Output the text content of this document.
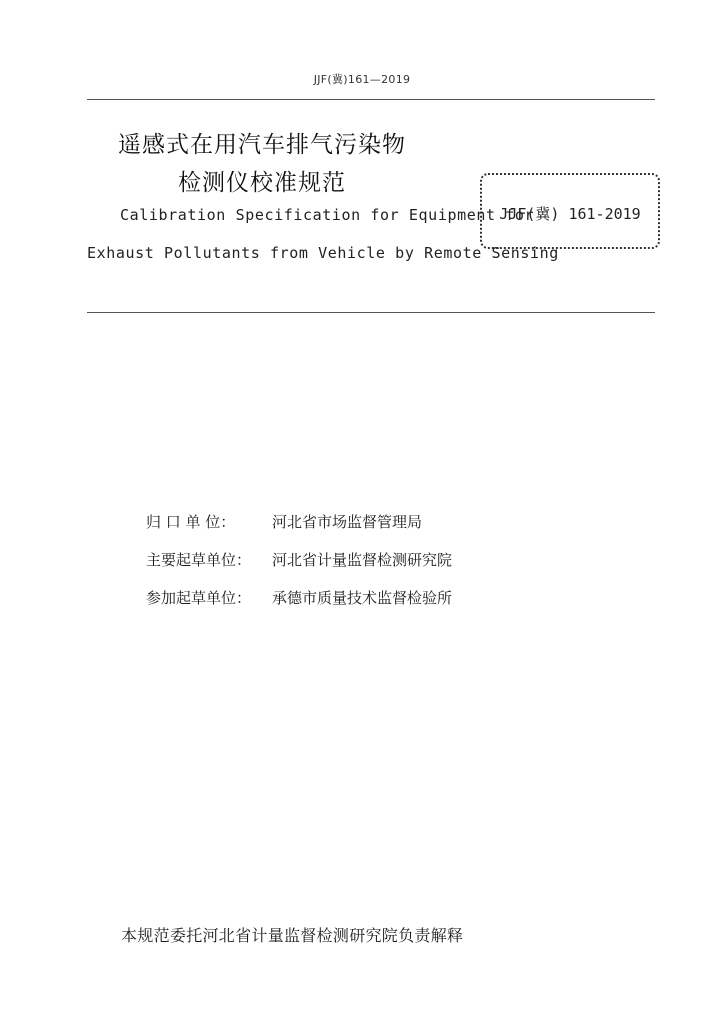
JJF(冀)161—2019
遥感式在用汽车排气污染物
检测仪校准规范
Calibration Specification for Equipment for
Exhaust Pollutants from Vehicle by Remote Sensing
JJF(冀) 161-2019
归 口 单 位： 河北省市场监督管理局
主要起草单位： 河北省计量监督检测研究院
参加起草单位： 承德市质量技术监督检验所
本规范委托河北省计量监督检测研究院负责解释
